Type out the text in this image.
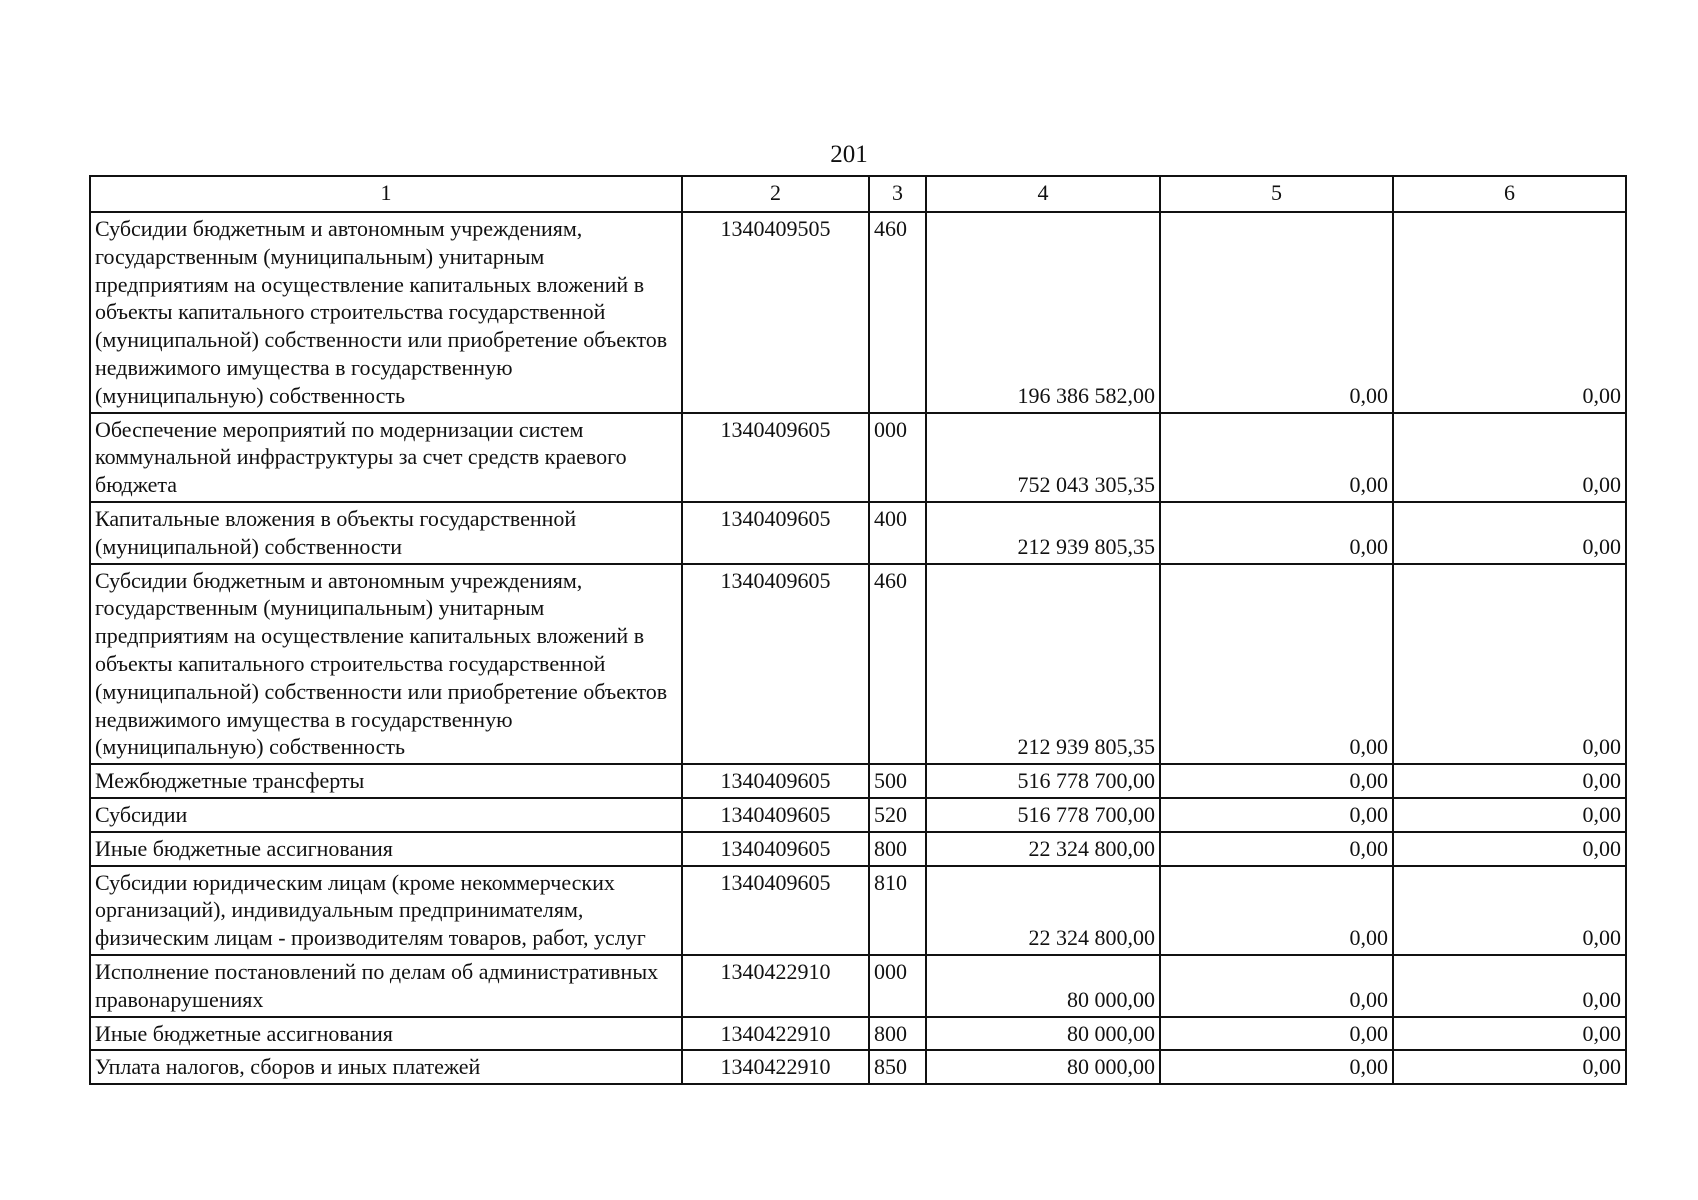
201
1	2	3	4	5	6
Субсидии бюджетным и автономным учреждениям, государственным (муниципальным) унитарным предприятиям на осуществление капитальных вложений в объекты капитального строительства государственной (муниципальной) собственности или приобретение объектов недвижимого имущества в государственную (муниципальную) собственность	1340409505	460	196 386 582,00	0,00	0,00
Обеспечение мероприятий по модернизации систем коммунальной инфраструктуры за счет средств краевого бюджета	1340409605	000	752 043 305,35	0,00	0,00
Капитальные вложения в объекты государственной (муниципальной) собственности	1340409605	400	212 939 805,35	0,00	0,00
Субсидии бюджетным и автономным учреждениям, государственным (муниципальным) унитарным предприятиям на осуществление капитальных вложений в объекты капитального строительства государственной (муниципальной) собственности или приобретение объектов недвижимого имущества в государственную (муниципальную) собственность	1340409605	460	212 939 805,35	0,00	0,00
Межбюджетные трансферты	1340409605	500	516 778 700,00	0,00	0,00
Субсидии	1340409605	520	516 778 700,00	0,00	0,00
Иные бюджетные ассигнования	1340409605	800	22 324 800,00	0,00	0,00
Субсидии юридическим лицам (кроме некоммерческих организаций), индивидуальным предпринимателям, физическим лицам - производителям товаров, работ, услуг	1340409605	810	22 324 800,00	0,00	0,00
Исполнение постановлений по делам об административных правонарушениях	1340422910	000	80 000,00	0,00	0,00
Иные бюджетные ассигнования	1340422910	800	80 000,00	0,00	0,00
Уплата налогов, сборов и иных платежей	1340422910	850	80 000,00	0,00	0,00
